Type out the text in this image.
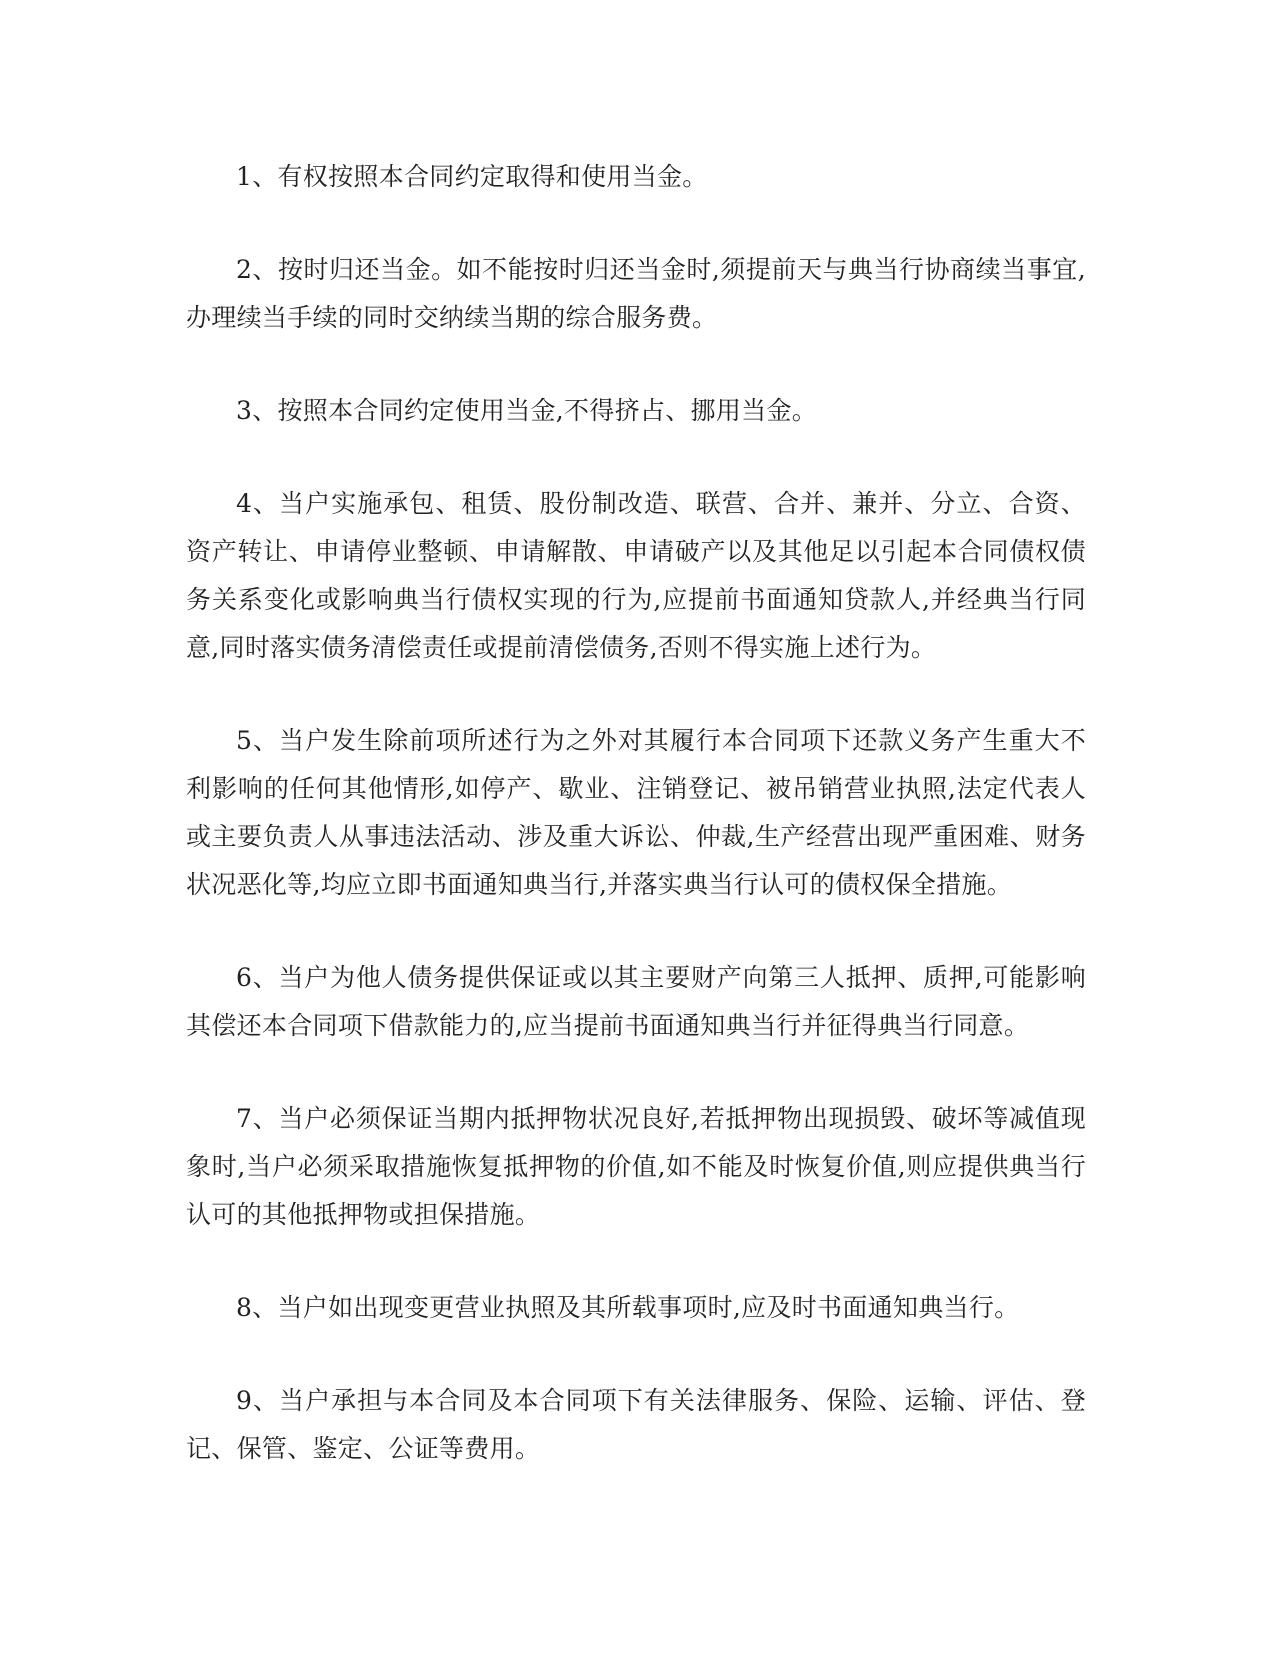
1、有权按照本合同约定取得和使用当金。

2、按时归还当金。如不能按时归还当金时,须提前天与典当行协商续当事宜,办理续当手续的同时交纳续当期的综合服务费。

3、按照本合同约定使用当金,不得挤占、挪用当金。

4、当户实施承包、租赁、股份制改造、联营、合并、兼并、分立、合资、资产转让、申请停业整顿、申请解散、申请破产以及其他足以引起本合同债权债务关系变化或影响典当行债权实现的行为,应提前书面通知贷款人,并经典当行同意,同时落实债务清偿责任或提前清偿债务,否则不得实施上述行为。

5、当户发生除前项所述行为之外对其履行本合同项下还款义务产生重大不利影响的任何其他情形,如停产、歇业、注销登记、被吊销营业执照,法定代表人或主要负责人从事违法活动、涉及重大诉讼、仲裁,生产经营出现严重困难、财务状况恶化等,均应立即书面通知典当行,并落实典当行认可的债权保全措施。

6、当户为他人债务提供保证或以其主要财产向第三人抵押、质押,可能影响其偿还本合同项下借款能力的,应当提前书面通知典当行并征得典当行同意。

7、当户必须保证当期内抵押物状况良好,若抵押物出现损毁、破坏等减值现象时,当户必须采取措施恢复抵押物的价值,如不能及时恢复价值,则应提供典当行认可的其他抵押物或担保措施。

8、当户如出现变更营业执照及其所载事项时,应及时书面通知典当行。

9、当户承担与本合同及本合同项下有关法律服务、保险、运输、评估、登记、保管、鉴定、公证等费用。
